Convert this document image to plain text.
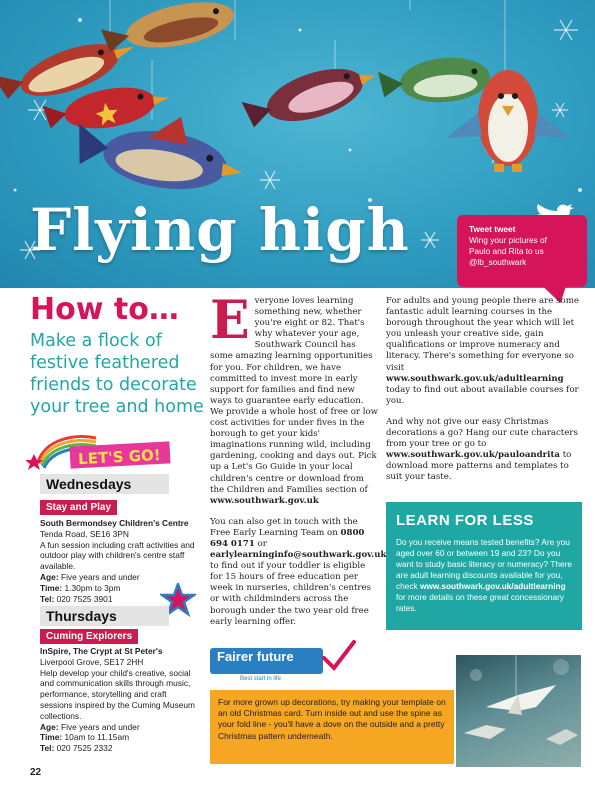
Flying high	Tweet tweet
Wing your pictures of
Paulo and Rita to us
@lb_southwark
How to…
Make a flock of festive feathered friends to decorate your tree and home
LET'S GO!
Wednesdays
Stay and Play
South Bermondsey Children's Centre
Tenda Road, SE16 3PN
A fun session including craft activities and outdoor play with children's centre staff available.
Age: Five years and under
Time: 1.30pm to 3pm
Tel: 020 7525 3901
Thursdays
Cuming Explorers
InSpire, The Crypt at St Peter's
Liverpool Grove, SE17 2HH
Help develop your child's creative, social and communication skills through music, performance, storytelling and craft sessions inspired by the Cuming Museum collections.
Age: Five years and under
Time: 10am to 11.15am
Tel: 020 7525 2332

Everyone loves learning something new, whether you're eight or 82. That's why whatever your age, Southwark Council has some amazing learning opportunities for you. For children, we have committed to invest more in early support for families and find new ways to guarantee early education. We provide a whole host of free or low cost activities for under fives in the borough to get your kids' imaginations running wild, including gardening, cooking and days out. Pick up a Let's Go Guide in your local children's centre or download from the Children and Families section of www.southwark.gov.uk

You can also get in touch with the Free Early Learning Team on 0800 694 0171 or earlylearninginfo@southwark.gov.uk to find out if your toddler is eligible for 15 hours of free education per week in nurseries, children's centres or with childminders across the borough under the two year old free early learning offer.

For adults and young people there are some fantastic adult learning courses in the borough throughout the year which will let you unleash your creative side, gain qualifications or improve numeracy and literacy. There's something for everyone so visit www.southwark.gov.uk/adultlearning today to find out about available courses for you.

And why not give our easy Christmas decorations a go? Hang our cute characters from your tree or go to www.southwark.gov.uk/pauloandrita to download more patterns and templates to suit your taste.

LEARN FOR LESS

Do you receive means tested benefits? Are you aged over 60 or between 19 and 23? Do you want to study basic literacy or numeracy? There are adult learning discounts available for you, check www.southwark.gov.uk/adultlearning for more details on these great concessionary rates.

Fairer future
Best start in life
For more grown up decorations, try making your template on an old Christmas card. Turn inside out and use the spine as your fold line - you'll have a dove on the outside and a pretty Christmas pattern underneath.
22
